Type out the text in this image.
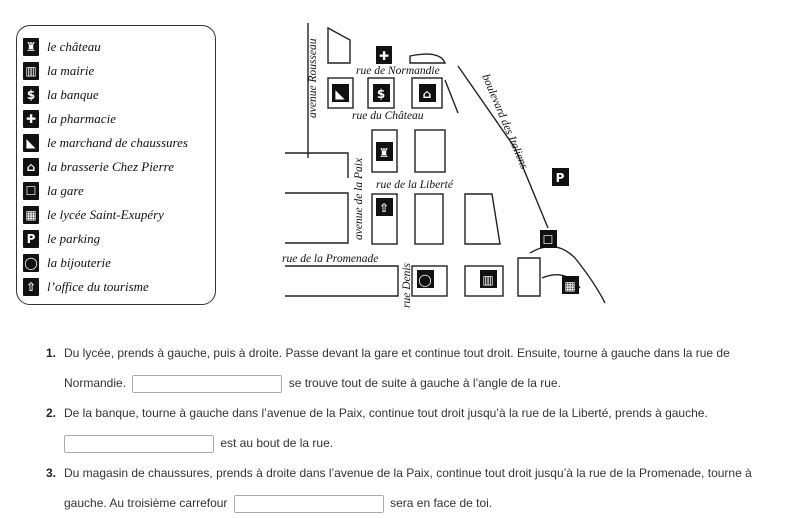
♜ le château
▥ la mairie
$ la banque
✚ la pharmacie
◣ le marchand de chaussures
⌂ la brasserie Chez Pierre
☐ la gare
▦ le lycée Saint-Exupéry
P le parking
◯ la bijouterie
⇧ l’office du tourisme
avenue Rousseau	rue de Normandie
rue du Château	boulevard des Italiens
avenue de la Paix rue de la Liberté
rue de la Promenade
rue Denis
✚
◣	$	⌂
♜
⇧
P
☐
◯	▥	▦
1. Du lycée, prends à gauche, puis à droite. Passe devant la gare et continue tout droit. Ensuite, tourne à gauche dans la rue de Normandie.	se trouve tout de suite à gauche à l’angle de la rue.
2. De la banque, tourne à gauche dans l’avenue de la Paix, continue tout droit jusqu’à la rue de la Liberté, prends à gauche.
est au bout de la rue.
3. Du magasin de chaussures, prends à droite dans l’avenue de la Paix, continue tout droit jusqu’à la rue de la Promenade, tourne à gauche. Au troisième carrefour	sera en face de toi.
